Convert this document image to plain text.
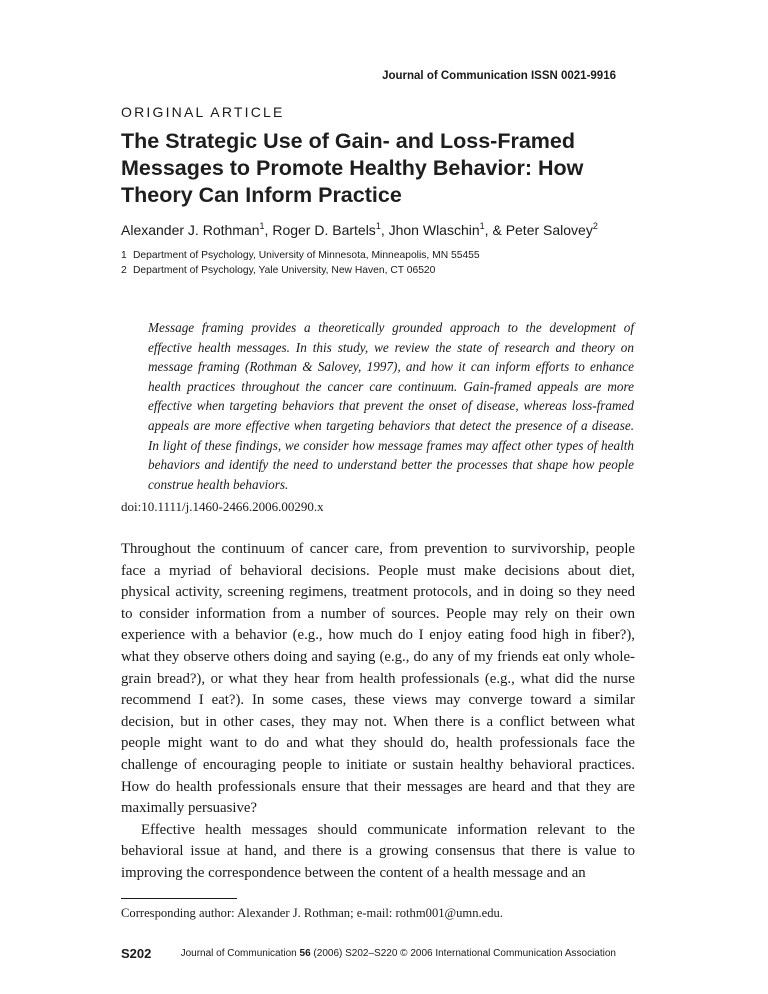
Journal of Communication ISSN 0021-9916
ORIGINAL ARTICLE
The Strategic Use of Gain- and Loss-Framed Messages to Promote Healthy Behavior: How Theory Can Inform Practice
Alexander J. Rothman$^1$, Roger D. Bartels$^1$, Jhon Wlaschin$^1$, & Peter Salovey$^2$
1 Department of Psychology, University of Minnesota, Minneapolis, MN 55455
2 Department of Psychology, Yale University, New Haven, CT 06520

Message framing provides a theoretically grounded approach to the development of effective health messages. In this study, we review the state of research and theory on message framing (Rothman & Salovey, 1997), and how it can inform efforts to enhance health practices throughout the cancer care continuum. Gain-framed appeals are more effective when targeting behaviors that prevent the onset of disease, whereas loss-framed appeals are more effective when targeting behaviors that detect the presence of a disease. In light of these findings, we consider how message frames may affect other types of health behaviors and identify the need to understand better the processes that shape how people construe health behaviors.

doi:10.1111/j.1460-2466.2006.00290.x

Throughout the continuum of cancer care, from prevention to survivorship, people face a myriad of behavioral decisions. People must make decisions about diet, physical activity, screening regimens, treatment protocols, and in doing so they need to consider information from a number of sources. People may rely on their own experience with a behavior (e.g., how much do I enjoy eating food high in fiber?), what they observe others doing and saying (e.g., do any of my friends eat only whole-grain bread?), or what they hear from health professionals (e.g., what did the nurse recommend I eat?). In some cases, these views may converge toward a similar decision, but in other cases, they may not. When there is a conflict between what people might want to do and what they should do, health professionals face the challenge of encouraging people to initiate or sustain healthy behavioral practices. How do health professionals ensure that their messages are heard and that they are maximally persuasive?

Effective health messages should communicate information relevant to the behavioral issue at hand, and there is a growing consensus that there is value to improving the correspondence between the content of a health message and an

Corresponding author: Alexander J. Rothman; e-mail: rothm001@umn.edu.
S202	Journal of Communication 56 (2006) S202–S220 © 2006 International Communication Association
